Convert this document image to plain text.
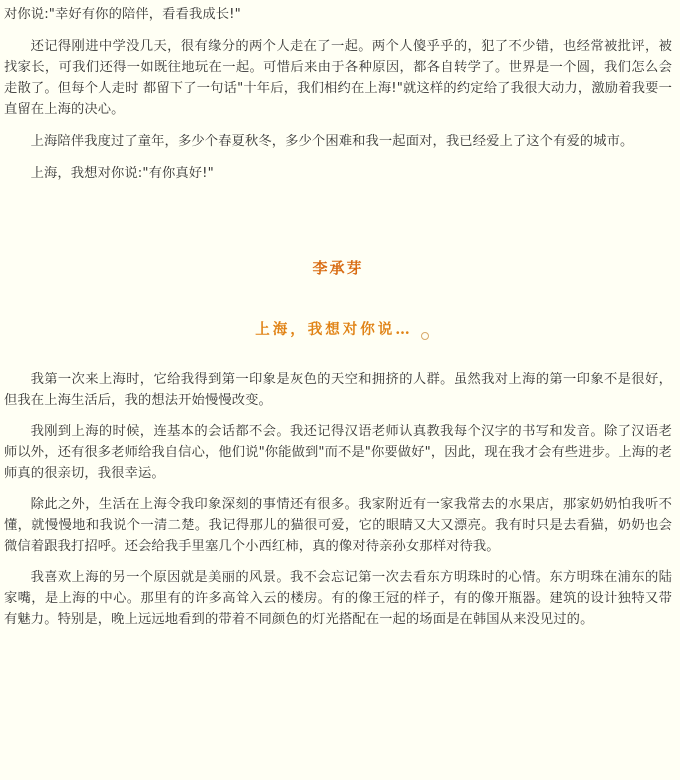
对你说:"幸好有你的陪伴，看看我成长!"

还记得刚进中学没几天，很有缘分的两个人走在了一起。两个人傻乎乎的，犯了不少错，也经常被批评，被找家长，可我们还得一如既往地玩在一起。可惜后来由于各种原因，都各自转学了。世界是一个圆，我们怎么会走散了。但每个人走时 都留下了一句话"十年后，我们相约在上海!"就这样的约定给了我很大动力，激励着我要一直留在上海的决心。

上海陪伴我度过了童年，多少个春夏秋冬，多少个困难和我一起面对，我已经爱上了这个有爱的城市。

上海，我想对你说:"有你真好!"

李承芽
上海，我想对你说…

我第一次来上海时，它给我得到第一印象是灰色的天空和拥挤的人群。虽然我对上海的第一印象不是很好，但我在上海生活后，我的想法开始慢慢改变。

我刚到上海的时候，连基本的会话都不会。我还记得汉语老师认真教我每个汉字的书写和发音。除了汉语老师以外，还有很多老师给我自信心，他们说"你能做到"而不是"你要做好"，因此，现在我才会有些进步。上海的老师真的很亲切，我很幸运。

除此之外，生活在上海令我印象深刻的事情还有很多。我家附近有一家我常去的水果店，那家奶奶怕我听不懂，就慢慢地和我说个一清二楚。我记得那儿的猫很可爱，它的眼睛又大又漂亮。我有时只是去看猫，奶奶也会微信着跟我打招呼。还会给我手里塞几个小西红柿，真的像对待亲孙女那样对待我。

我喜欢上海的另一个原因就是美丽的风景。我不会忘记第一次去看东方明珠时的心情。东方明珠在浦东的陆家嘴，是上海的中心。那里有的许多高耸入云的楼房。有的像王冠的样子，有的像开瓶器。建筑的设计独特又带有魅力。特别是，晚上远远地看到的带着不同颜色的灯光搭配在一起的场面是在韩国从来没见过的。
